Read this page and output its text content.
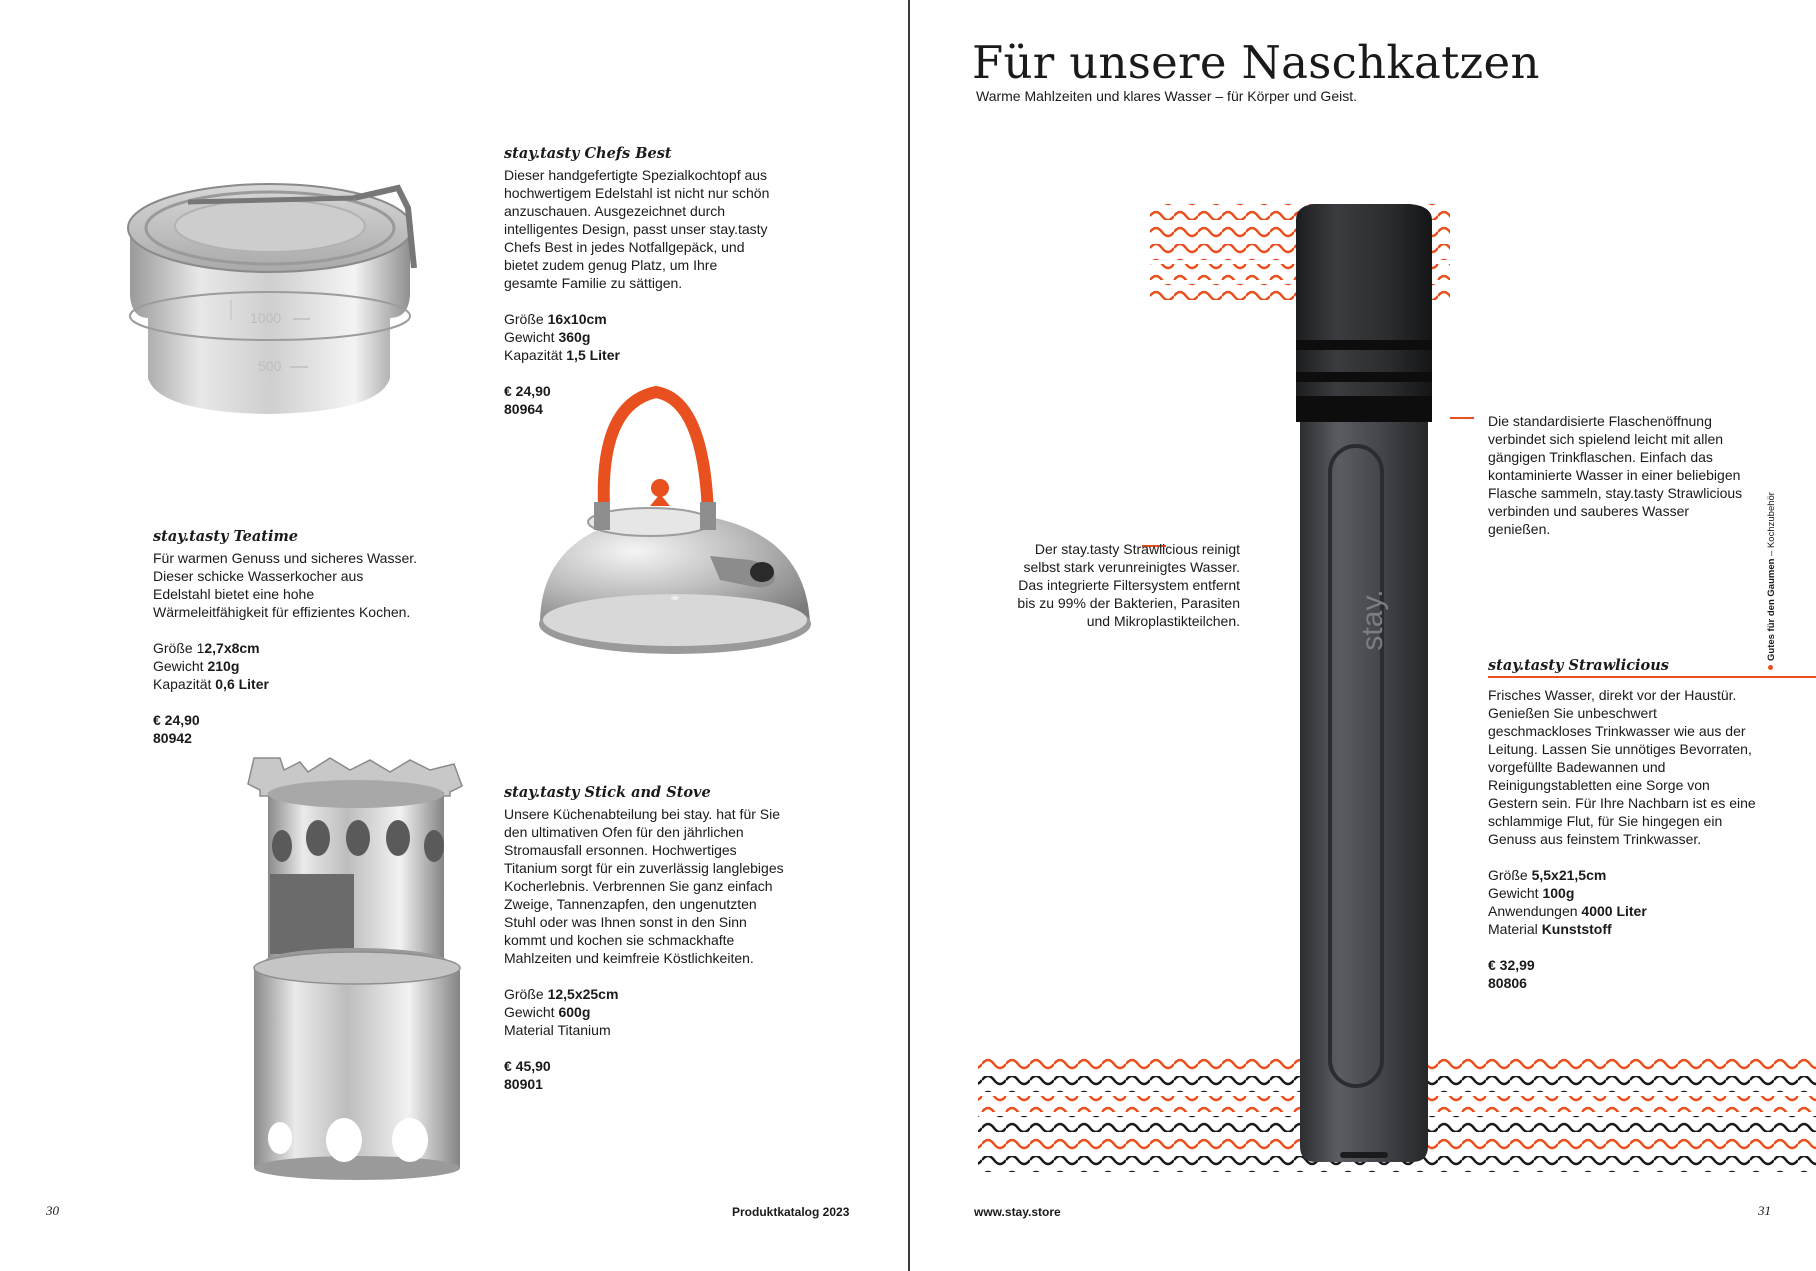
1000
500
stay.tasty Chefs Best

Dieser handgefertigte Spezialkochtopf aus hochwertigem Edelstahl ist nicht nur schön anzuschauen. Ausgezeichnet durch intelligentes Design, passt unser stay.tasty Chefs Best in jedes Notfallgepäck, und bietet zudem genug Platz, um Ihre gesamte Familie zu sättigen.

Größe 16x10cm

Gewicht 360g

Kapazität 1,5 Liter

€ 24,90

80964

stay.tasty Teatime

Für warmen Genuss und sicheres Wasser. Dieser schicke Wasserkocher aus Edelstahl bietet eine hohe Wärmeleitfähigkeit für effizientes Kochen.

Größe 12,7x8cm

Gewicht 210g

Kapazität 0,6 Liter

€ 24,90

80942

stay.tasty Stick and Stove

Unsere Küchenabteilung bei stay. hat für Sie den ultimativen Ofen für den jährlichen Stromausfall ersonnen. Hochwertiges Titanium sorgt für ein zuverlässig langlebiges Kocherlebnis. Verbrennen Sie ganz einfach Zweige, Tannenzapfen, den ungenutzten Stuhl oder was Ihnen sonst in den Sinn kommt und kochen sie schmackhafte Mahlzeiten und keimfreie Köstlichkeiten.

Größe 12,5x25cm

Gewicht 600g

Material Titanium

€ 45,90

80901

30	Produktkatalog 2023
Für unsere Naschkatzen

Warme Mahlzeiten und klares Wasser – für Körper und Geist.

stay.

Der stay.tasty Strawlicious reinigt selbst stark verunreinigtes Wasser. Das integrierte Filtersystem entfernt bis zu 99% der Bakterien, Parasiten und Mikroplastikteilchen.

Die standardisierte Flaschenöffnung verbindet sich spielend leicht mit allen gängigen Trinkflaschen. Einfach das kontaminierte Wasser in einer beliebigen Flasche sammeln, stay.tasty Strawlicious verbinden und sauberes Wasser genießen.

stay.tasty Strawlicious

Frisches Wasser, direkt vor der Haustür. Genießen Sie unbeschwert geschmackloses Trinkwasser wie aus der Leitung. Lassen Sie unnötiges Bevorraten, vorgefüllte Badewannen und Reinigungstabletten eine Sorge von Gestern sein. Für Ihre Nachbarn ist es eine schlammige Flut, für Sie hingegen ein Genuss aus feinstem Trinkwasser.

Größe 5,5x21,5cm

Gewicht 100g

Anwendungen 4000 Liter

Material Kunststoff

€ 32,99

80806

Gutes für den Gaumen – Kochzubehör
www.stay.store	31
